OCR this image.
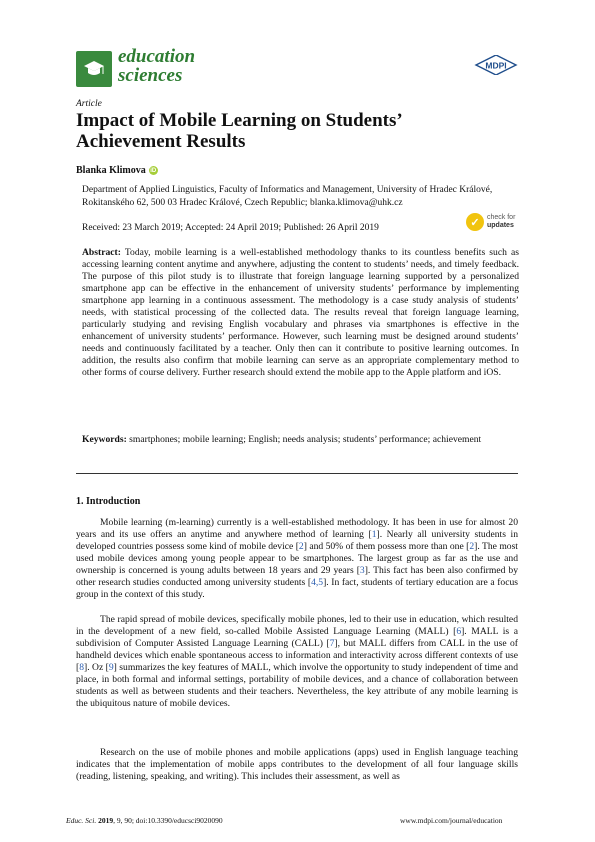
education
sciences	MDPI
Article
Impact of Mobile Learning on Students’ Achievement Results
Blanka Klimova iD
Department of Applied Linguistics, Faculty of Informatics and Management, University of Hradec Králové, Rokitanského 62, 500 03 Hradec Králové, Czech Republic; blanka.klimova@uhk.cz
Received: 23 March 2019; Accepted: 24 April 2019; Published: 26 April 2019	✓	check for
updates
Abstract: Today, mobile learning is a well-established methodology thanks to its countless benefits such as accessing learning content anytime and anywhere, adjusting the content to students’ needs, and timely feedback. The purpose of this pilot study is to illustrate that foreign language learning supported by a personalized smartphone app can be effective in the enhancement of university students’ performance by implementing smartphone app learning in a continuous assessment. The methodology is a case study analysis of students’ needs, with statistical processing of the collected data. The results reveal that foreign language learning, particularly studying and revising English vocabulary and phrases via smartphones is effective in the enhancement of university students’ performance. However, such learning must be designed around students’ needs and continuously facilitated by a teacher. Only then can it contribute to positive learning outcomes. In addition, the results also confirm that mobile learning can serve as an appropriate complementary method to other forms of course delivery. Further research should extend the mobile app to the Apple platform and iOS.
Keywords: smartphones; mobile learning; English; needs analysis; students’ performance; achievement
1. Introduction
Mobile learning (m-learning) currently is a well-established methodology. It has been in use for almost 20 years and its use offers an anytime and anywhere method of learning [1]. Nearly all university students in developed countries possess some kind of mobile device [2] and 50% of them possess more than one [2]. The most used mobile devices among young people appear to be smartphones. The largest group as far as the use and ownership is concerned is young adults between 18 years and 29 years [3]. This fact has been also confirmed by other research studies conducted among university students [4,5]. In fact, students of tertiary education are a focus group in the context of this study.
The rapid spread of mobile devices, specifically mobile phones, led to their use in education, which resulted in the development of a new field, so-called Mobile Assisted Language Learning (MALL) [6]. MALL is a subdivision of Computer Assisted Language Learning (CALL) [7], but MALL differs from CALL in the use of handheld devices which enable spontaneous access to information and interactivity across different contexts of use [8]. Oz [9] summarizes the key features of MALL, which involve the opportunity to study independent of time and place, in both formal and informal settings, portability of mobile devices, and a chance of collaboration between students as well as between students and their teachers. Nevertheless, the key attribute of any mobile learning is the ubiquitous nature of mobile devices.
Research on the use of mobile phones and mobile applications (apps) used in English language teaching indicates that the implementation of mobile apps contributes to the development of all four language skills (reading, listening, speaking, and writing). This includes their assessment, as well as
Educ. Sci. 2019, 9, 90; doi:10.3390/educsci9020090	www.mdpi.com/journal/education
